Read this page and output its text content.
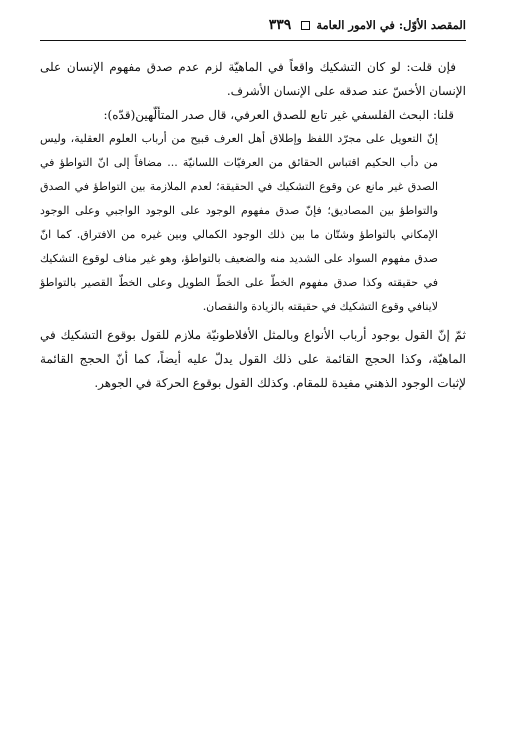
المقصد الأوّل: في الامور العامة
٣٣٩

فإن قلت: لو كان التشكيك واقعاً في الماهيّة لزم عدم صدق مفهوم الإنسان على الإنسان الأخسّ عند صدقه على الإنسان الأشرف.

قلنا: البحث الفلسفي غير تابع للصدق العرفي، قال صدر المتألّهين(قدّه):

إنّ التعويل على مجرّد اللفظ وإطلاق أهل العرف قبيح من أرباب العلوم العقلية، وليس من دأب الحكيم اقتباس الحقائق من العرفيّات اللسانيّة ... مضافاً إلى انّ التواطؤ في الصدق غير مانع عن وقوع التشكيك في الحقيقة؛ لعدم الملازمة بين التواطؤ في الصدق والتواطؤ بين المصاديق؛ فإنّ صدق مفهوم الوجود على الوجود الواجبي وعلى الوجود الإمكاني بالتواطؤ وشتّان ما بين ذلك الوجود الكمالي وبين غيره من الافتراق. كما انّ صدق مفهوم السواد على الشديد منه والضعيف بالتواطؤ، وهو غير مناف لوقوع التشكيك في حقيقته وكذا صدق مفهوم الخطّ على الخطّ الطويل وعلى الخطّ القصير بالتواطؤ لاينافي وقوع التشكيك في حقيقته بالزيادة والنقصان.

ثمّ إنّ القول بوجود أرباب الأنواع وبالمثل الأفلاطونيّة ملازم للقول بوقوع التشكيك في الماهيّة، وكذا الحجج القائمة على ذلك القول يدلّ عليه أيضاً، كما أنّ الحجج القائمة لإثبات الوجود الذهني مفيدة للمقام. وكذلك القول بوقوع الحركة في الجوهر.
